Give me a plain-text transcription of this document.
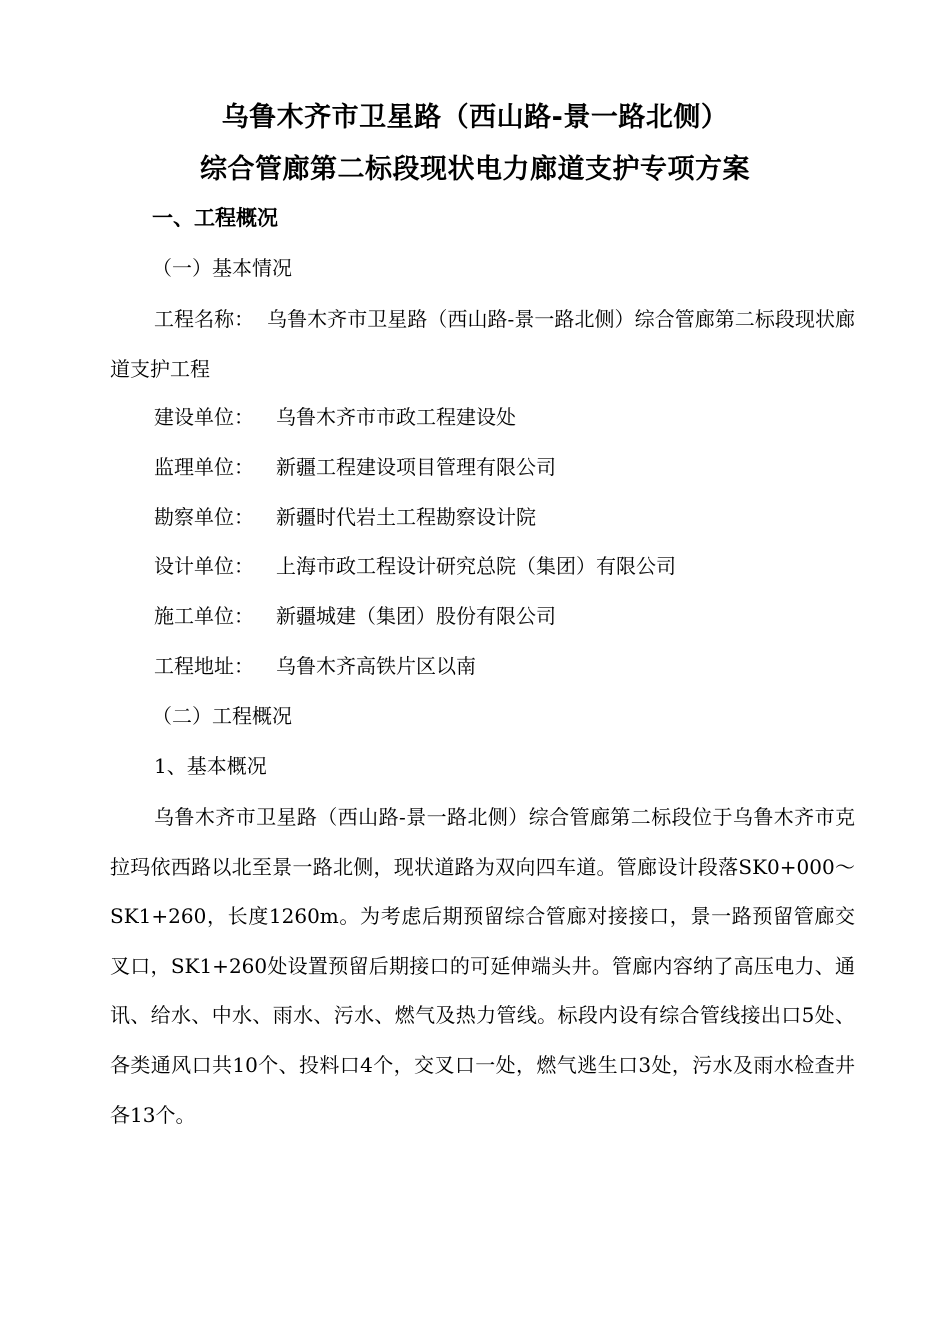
乌鲁木齐市卫星路（西山路-景一路北侧）
综合管廊第二标段现状电力廊道支护专项方案
一、工程概况
（一）基本情况
工程名称： 乌鲁木齐市卫星路（西山路-景一路北侧）综合管廊第二标段现状廊道支护工程
建设单位： 乌鲁木齐市市政工程建设处
监理单位： 新疆工程建设项目管理有限公司
勘察单位： 新疆时代岩土工程勘察设计院
设计单位： 上海市政工程设计研究总院（集团）有限公司
施工单位： 新疆城建（集团）股份有限公司
工程地址： 乌鲁木齐高铁片区以南
（二）工程概况
1、基本概况
乌鲁木齐市卫星路（西山路-景一路北侧）综合管廊第二标段位于乌鲁木齐市克拉玛依西路以北至景一路北侧，现状道路为双向四车道。管廊设计段落SK0+000～SK1+260，长度1260m。为考虑后期预留综合管廊对接接口，景一路预留管廊交叉口，SK1+260处设置预留后期接口的可延伸端头井。管廊内容纳了高压电力、通讯、给水、中水、雨水、污水、燃气及热力管线。标段内设有综合管线接出口5处、各类通风口共10个、投料口4个，交叉口一处，燃气逃生口3处，污水及雨水检查井各13个。
